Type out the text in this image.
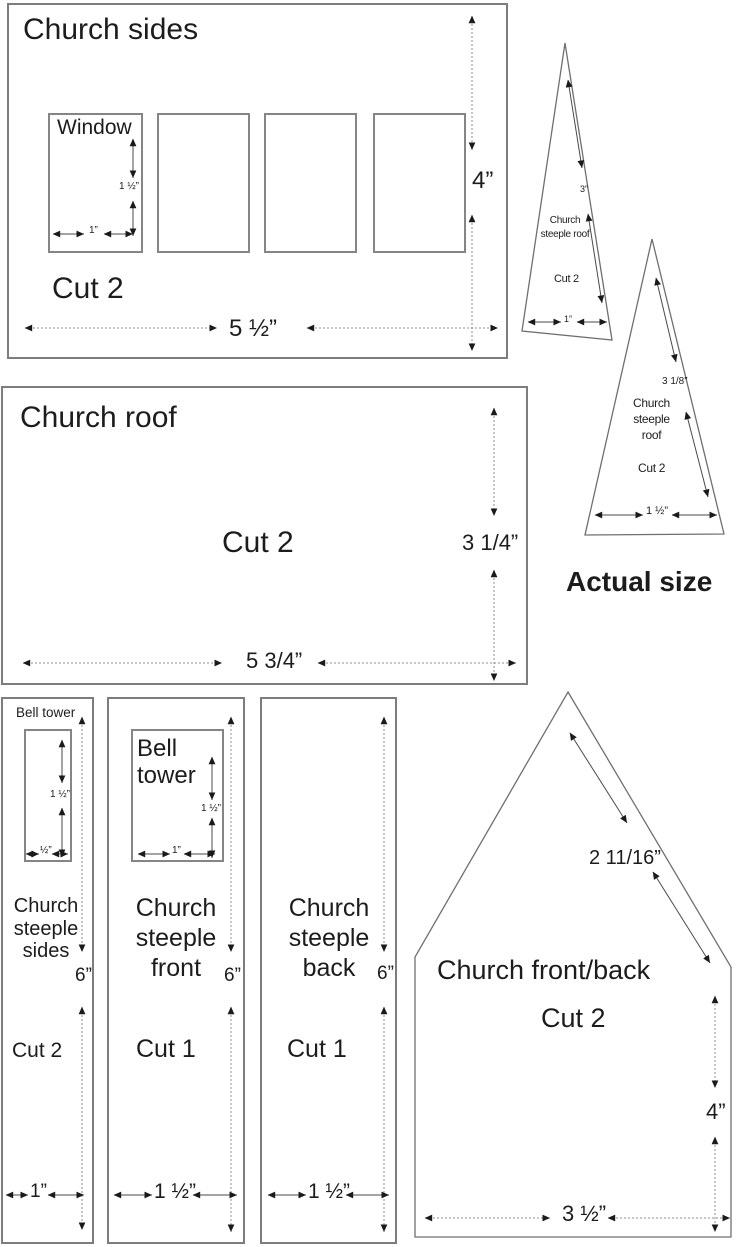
Church sides
Cut 2
Window
1 ½”
1”
4”
5 ½”
Church roof
Cut 2	3 1/4”
5 3/4”
Church steeple roof
Cut 2
3”
1”
Church steeple roof
Cut 2
3 1/8”
1 ½”
Actual size
Bell tower
1 ½”
½”
Church steeple sides
6”
Cut 2
1”
Bell tower
1 ½”
1”
Church steeple front	6”
Cut 1
1 ½”
Church steeple back	6”
Cut 1
1 ½”
Church front/back
Cut 2
2 11/16”
4”
3 ½”
